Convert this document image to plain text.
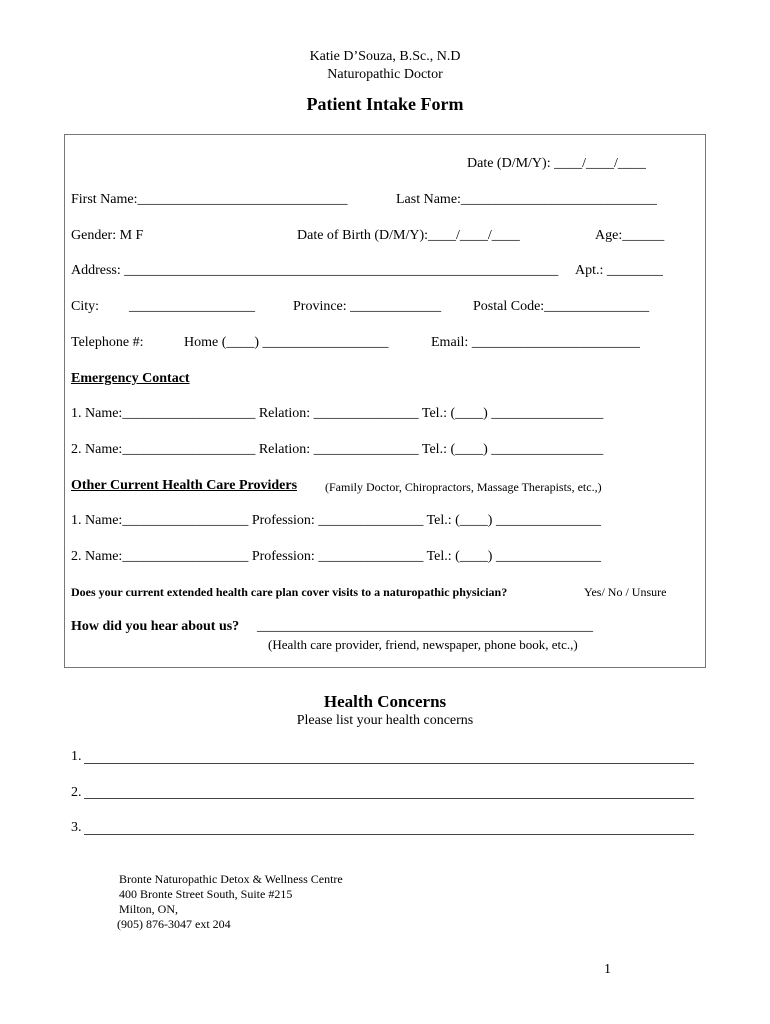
Katie D’Souza, B.Sc., N.D
Naturopathic Doctor
Patient Intake Form
Date (D/M/Y): ____/____/____
First Name:______________________________	Last Name:____________________________
Gender: M F	Date of Birth (D/M/Y):____/____/____	Age:______
Address: ______________________________________________________________	Apt.: ________
City: __________________	Province: _____________ Postal Code:_______________
Telephone #:	Home (____) __________________	Email: ________________________
Emergency Contact
1. Name:___________________ Relation: _______________ Tel.: (____) ________________
2. Name:___________________ Relation: _______________ Tel.: (____) ________________
Other Current Health Care Providers (Family Doctor, Chiropractors, Massage Therapists, etc.,)
1. Name:__________________ Profession: _______________ Tel.: (____) _______________
2. Name:__________________ Profession: _______________ Tel.: (____) _______________
Does your current extended health care plan cover visits to a naturopathic physician?	Yes/ No / Unsure
How did you hear about us? ________________________________________________
(Health care provider, friend, newspaper, phone book, etc.,)
Health Concerns
Please list your health concerns
1.
2.
3.
Bronte Naturopathic Detox & Wellness Centre
400 Bronte Street South, Suite #215
Milton, ON,
(905) 876-3047 ext 204
1
